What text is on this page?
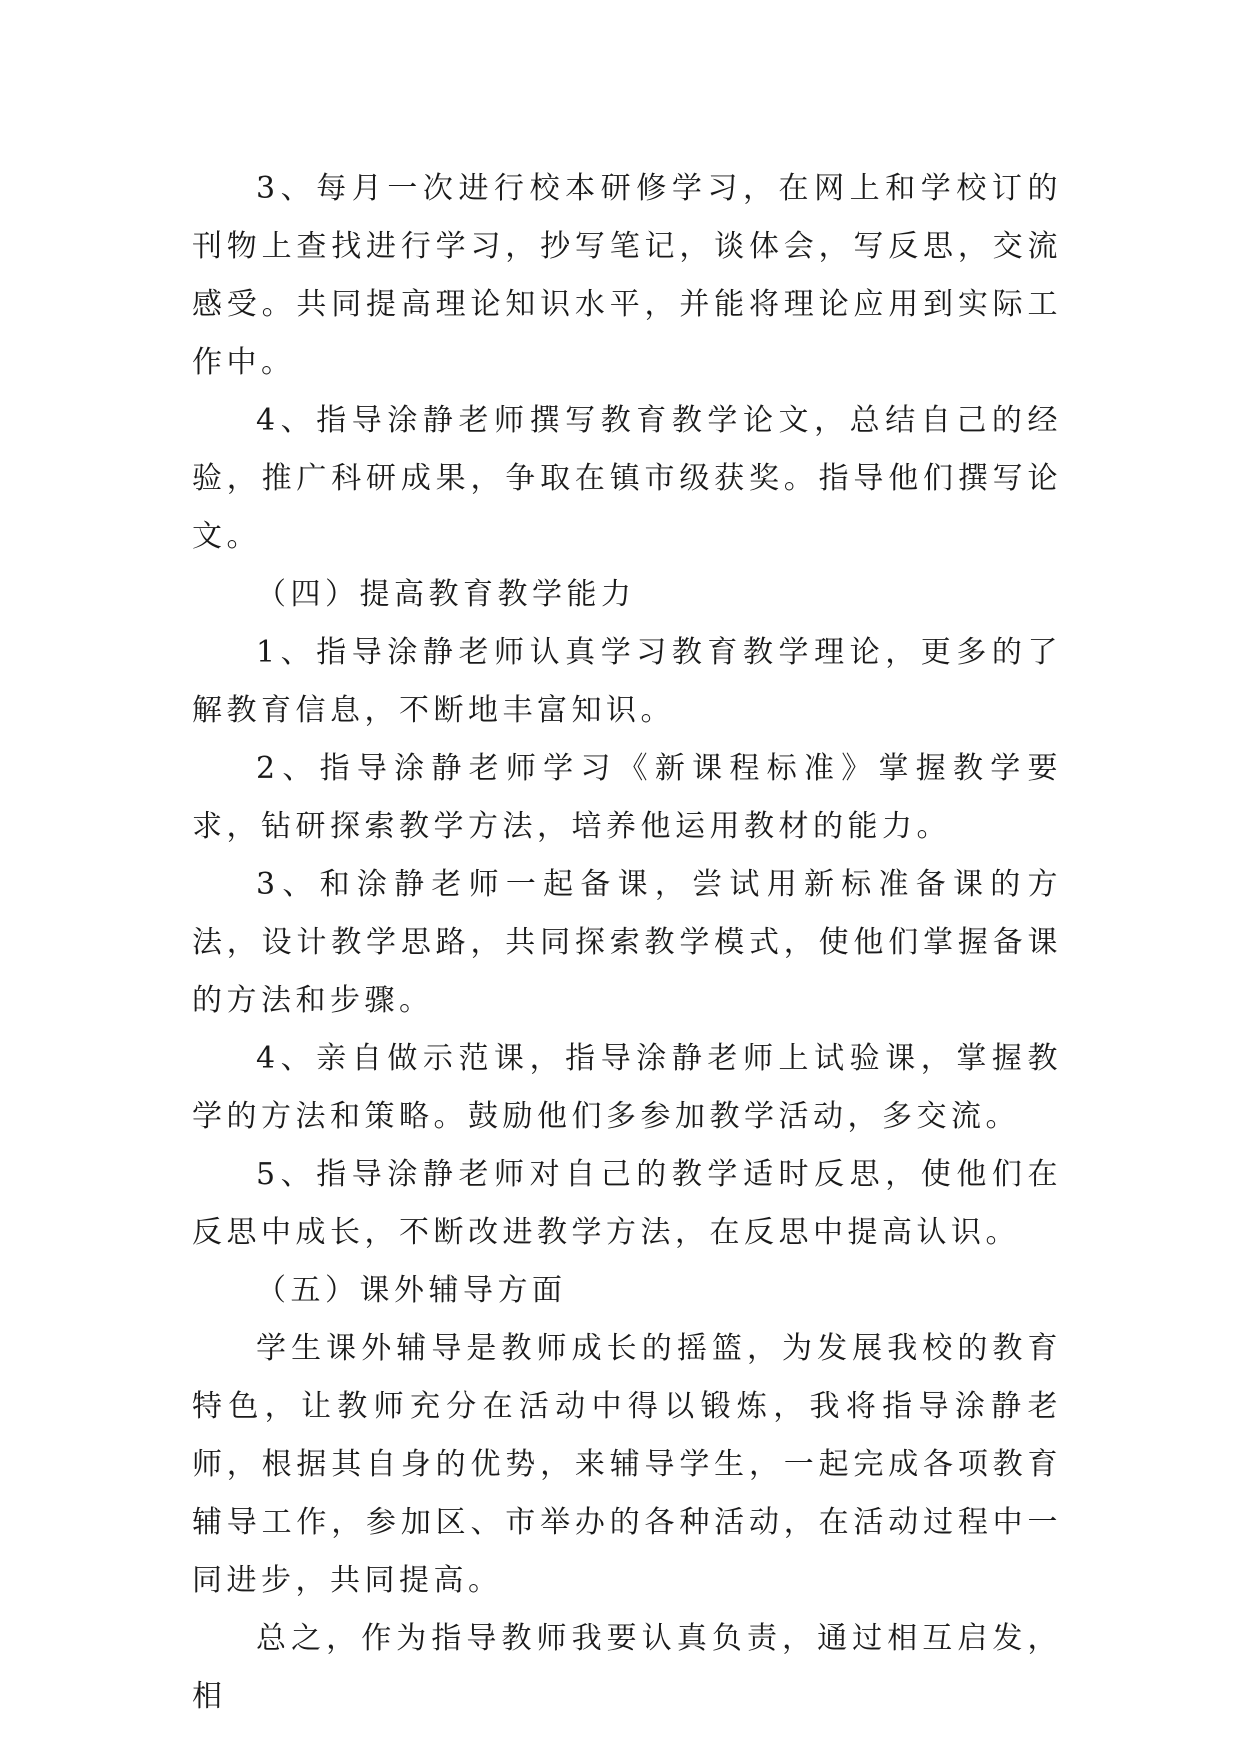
3、每月一次进行校本研修学习，在网上和学校订的刊物上查找进行学习，抄写笔记，谈体会，写反思，交流感受。共同提高理论知识水平，并能将理论应用到实际工作中。

4、指导涂静老师撰写教育教学论文，总结自己的经验，推广科研成果，争取在镇市级获奖。指导他们撰写论文。

（四）提高教育教学能力

1、指导涂静老师认真学习教育教学理论，更多的了解教育信息，不断地丰富知识。

2、指导涂静老师学习《新课程标准》掌握教学要求，钻研探索教学方法，培养他运用教材的能力。

3、和涂静老师一起备课，尝试用新标准备课的方法，设计教学思路，共同探索教学模式，使他们掌握备课的方法和步骤。

4、亲自做示范课，指导涂静老师上试验课，掌握教学的方法和策略。鼓励他们多参加教学活动，多交流。

5、指导涂静老师对自己的教学适时反思，使他们在反思中成长，不断改进教学方法，在反思中提高认识。

（五）课外辅导方面

学生课外辅导是教师成长的摇篮，为发展我校的教育特色，让教师充分在活动中得以锻炼，我将指导涂静老师，根据其自身的优势，来辅导学生，一起完成各项教育辅导工作，参加区、市举办的各种活动，在活动过程中一同进步，共同提高。

总之，作为指导教师我要认真负责，通过相互启发，相
